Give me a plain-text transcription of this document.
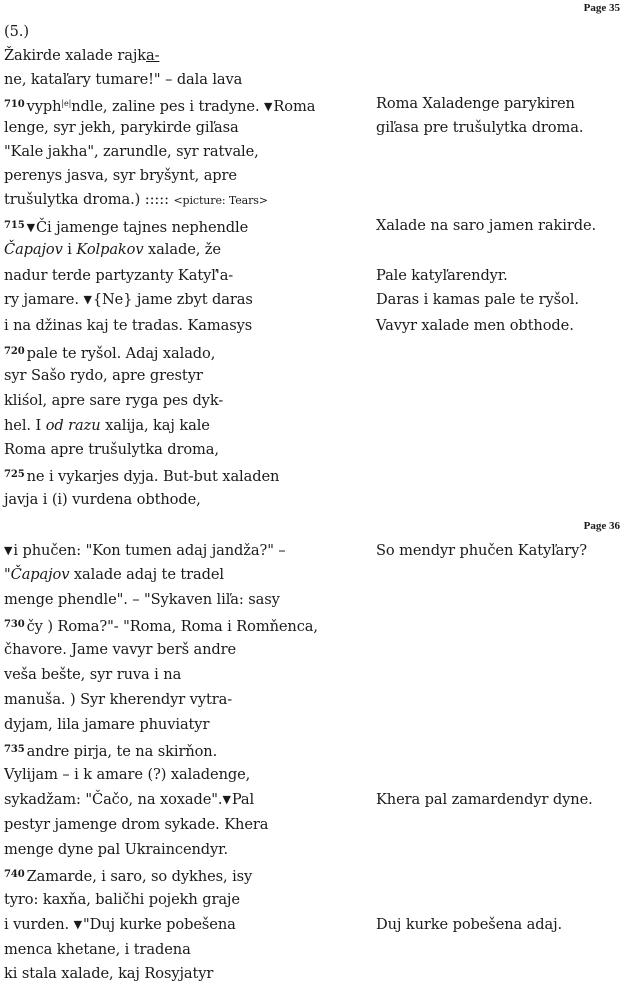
Page 35
(5.)
Žakirde xalade rajka-
ne, kataľary tumare!" – dala lava
$^{710}$ vyph$^{|e|}$ndle, zaline pes i tradyne. ▼Roma
lenge, syr jekh, parykirde giľasa
"Kale jakha", zarundle, syr ratvale,
perenys jasva, syr bryšynt, apre
trušulytka droma.) ::::: <picture: Tears>
$^{715}$ ▼Či jamenge tajnes nephendle
Čapajov i Kolpakov xalade, že
nadur terde partyzanty Katyľ'a-
ry jamare. ▼{Ne} jame zbyt daras
i na džinas kaj te tradas. Kamasys
$^{720}$ pale te ryšol. Adaj xalado,
syr Sašo rydo, apre grestyr
kliśol, apre sare ryga pes dyk-
hel. I od razu xalija, kaj kale
Roma apre trušulytka droma,
$^{725}$ ne i vykarjes dyja. But-but xaladen
javja i (i) vurdena obthode,
Page 36
▼i phučen: "Kon tumen adaj jandža?" –
"Čapajov xalade adaj te tradel
menge phendle". – "Sykaven liľa: sasy
$^{730}$ čy ) Roma?"- "Roma, Roma i Romňenca,
čhavore. Jame vavyr berš andre
veša bešte, syr ruva i na
manuša. ) Syr kherendyr vytra-
dyjam, lila jamare phuviatyr
$^{735}$ andre pirja, te na skirňon.
Vylijam – i k amare (?) xaladenge,
sykadžam: "Čačo, na xoxade".▼Pal
pestyr jamenge drom sykade. Khera
menge dyne pal Ukraincendyr.
$^{740}$ Zamarde, i saro, so dykhes, isy
tyro: kaxňa, baličhi pojekh graje
i vurden. ▼"Duj kurke pobešena
menca khetane, i tradena
ki stala xalade, kaj Rosyjatyr
Roma Xaladenge parykiren
giľasa pre trušulytka droma.
Xalade na saro jamen rakirde.
Pale katyľarendyr.
Daras i kamas pale te ryšol.
Vavyr xalade men obthode.
So mendyr phučen Katyľary?
Khera pal zamardendyr dyne.
Duj kurke pobešena adaj.
